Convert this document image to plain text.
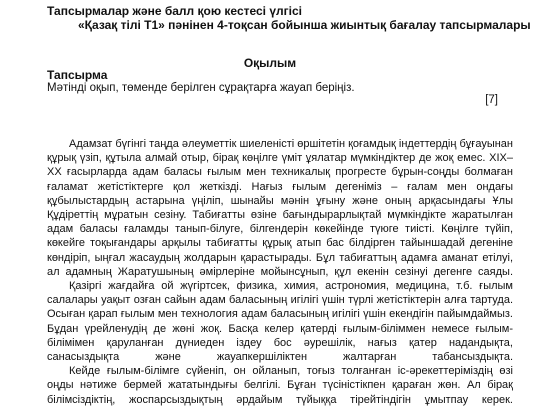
Тапсырмалар және балл қою кестесі үлгісі
«Қазақ тілі Т1» пәнінен 4-тоқсан бойынша жиынтық бағалау тапсырмалары
Оқылым
Тапсырма
Мәтінді оқып, төменде берілген сұрақтарға жауап беріңіз.
[7]

Адамзат бүгінгі таңда әлеуметтік шиеленісті өршітетін қоғамдық індеттердің бұғауынан құрық үзіп, құтыла алмай отыр, бірақ көңілге үміт ұялатар мүмкіндіктер де жоқ емес. XIX–XX ғасырларда адам баласы ғылым мен техникалық прогресте бұрын-соңды болмаған ғаламат жетістіктерге қол жеткізді. Нағыз ғылым дегеніміз – ғалам мен ондағы құбылыстардың астарына үңіліп, шынайы мәнін ұғыну және оның арқасындағы Ұлы Құдіреттің мұратын сезіну. Табиғатты өзіне бағындырарлықтай мүмкіндікте жаратылған адам баласы ғаламды танып-білуге, білгендерін көкейінде түюге тиісті. Көңілге түйіп, көкейге тоқығандары арқылы табиғатты құрық атып бас білдірген тайыншадай дегеніне көндіріп, ыңғал жасаудың жолдарын қарастырады. Бұл табиғаттың адамға аманат етілуі, ал адамның Жаратушының әмірлеріне мойынсұнып, құл екенін сезінуі дегенге саяды.

Қазіргі жағдайға ой жүгіртсек, физика, химия, астрономия, медицина, т.б. ғылым салалары уақыт озған сайын адам баласының игілігі үшін түрлі жетістіктерін алға тартуда. Осыған қарап ғылым мен технология адам баласының игілігі үшін екендігін пайымдаймыз. Бұдан үрейленудің де жөні жоқ. Басқа келер қатерді ғылым-біліммен немесе ғылым-білімімен қаруланған дүниеден іздеу бос әурешілік, нағыз қатер надандықта, санасыздықта және жауапкершіліктен жалтарған табансыздықта.

Кейде ғылым-білімге сүйеніп, он ойланып, тоғыз толғанған іс-әрекеттеріміздің өзі оңды нәтиже бермей жататындығы белгілі. Бұған түсіністікпен қараған жөн. Ал бірақ білімсіздіктің, жоспарсыздықтың әрдайым түйыққа тірейтіндігін ұмытпау керек.
